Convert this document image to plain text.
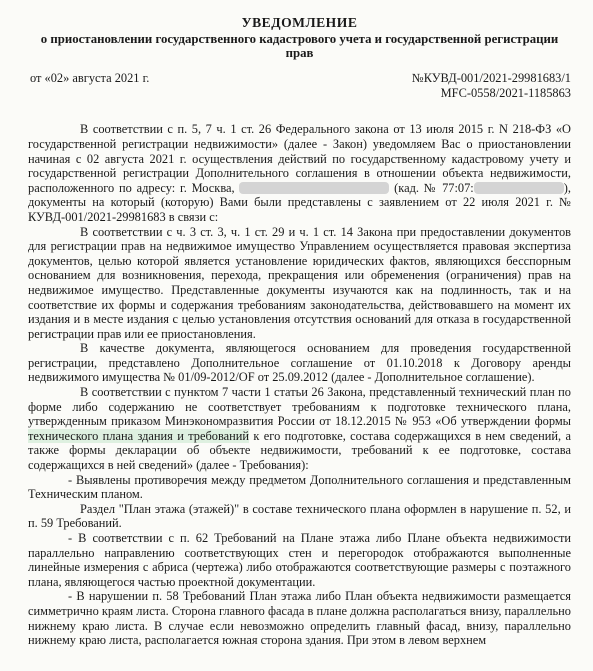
УВЕДОМЛЕНИЕ
о приостановлении государственного кадастрового учета и государственной регистрации прав
от «02» августа 2021 г.	№КУВД-001/2021-29981683/1
MFC-0558/2021-1185863

В соответствии с п. 5, 7 ч. 1 ст. 26 Федерального закона от 13 июля 2015 г. N 218-ФЗ «О государственной регистрации недвижимости» (далее - Закон) уведомляем Вас о приостановлении начиная с 02 августа 2021 г. осуществления действий по государственному кадастровому учету и государственной регистрации Дополнительного соглашения в отношении объекта недвижимости, расположенного по адресу: г. Москва,	(кад. № 77:07:	), документы на который (которую) Вами были представлены с заявлением от 22 июля 2021 г. № КУВД-001/2021-29981683 в связи с:

В соответствии с ч. 3 ст. 3, ч. 1 ст. 29 и ч. 1 ст. 14 Закона при предоставлении документов для регистрации прав на недвижимое имущество Управлением осуществляется правовая экспертиза документов, целью которой является установление юридических фактов, являющихся бесспорным основанием для возникновения, перехода, прекращения или обременения (ограничения) прав на недвижимое имущество. Представленные документы изучаются как на подлинность, так и на соответствие их формы и содержания требованиям законодательства, действовавшего на момент их издания и в месте издания с целью установления отсутствия оснований для отказа в государственной регистрации прав или ее приостановления.

В качестве документа, являющегося основанием для проведения государственной регистрации, представлено Дополнительное соглашение от 01.10.2018 к Договору аренды недвижимого имущества № 01/09-2012/OF от 25.09.2012 (далее - Дополнительное соглашение).

В соответствии с пунктом 7 части 1 статьи 26 Закона, представленный технический план по форме либо содержанию не соответствует требованиям к подготовке технического плана, утвержденным приказом Минэкономразвития России от 18.12.2015 № 953 «Об утверждении формы технического плана здания и требований к его подготовке, состава содержащихся в нем сведений, а также формы декларации об объекте недвижимости, требований к ее подготовке, состава содержащихся в ней сведений» (далее - Требования):

- Выявлены противоречия между предметом Дополнительного соглашения и представленным Техническим планом.

Раздел "План этажа (этажей)" в составе технического плана оформлен в нарушение п. 52, и п. 59 Требований.

- В соответствии с п. 62 Требований на Плане этажа либо Плане объекта недвижимости параллельно направлению соответствующих стен и перегородок отображаются выполненные линейные измерения с абриса (чертежа) либо отображаются соответствующие размеры с поэтажного плана, являющегося частью проектной документации.

- В нарушении п. 58 Требований План этажа либо План объекта недвижимости размещается симметрично краям листа. Сторона главного фасада в плане должна располагаться внизу, параллельно нижнему краю листа. В случае если невозможно определить главный фасад, внизу, параллельно нижнему краю листа, располагается южная сторона здания. При этом в левом верхнем
